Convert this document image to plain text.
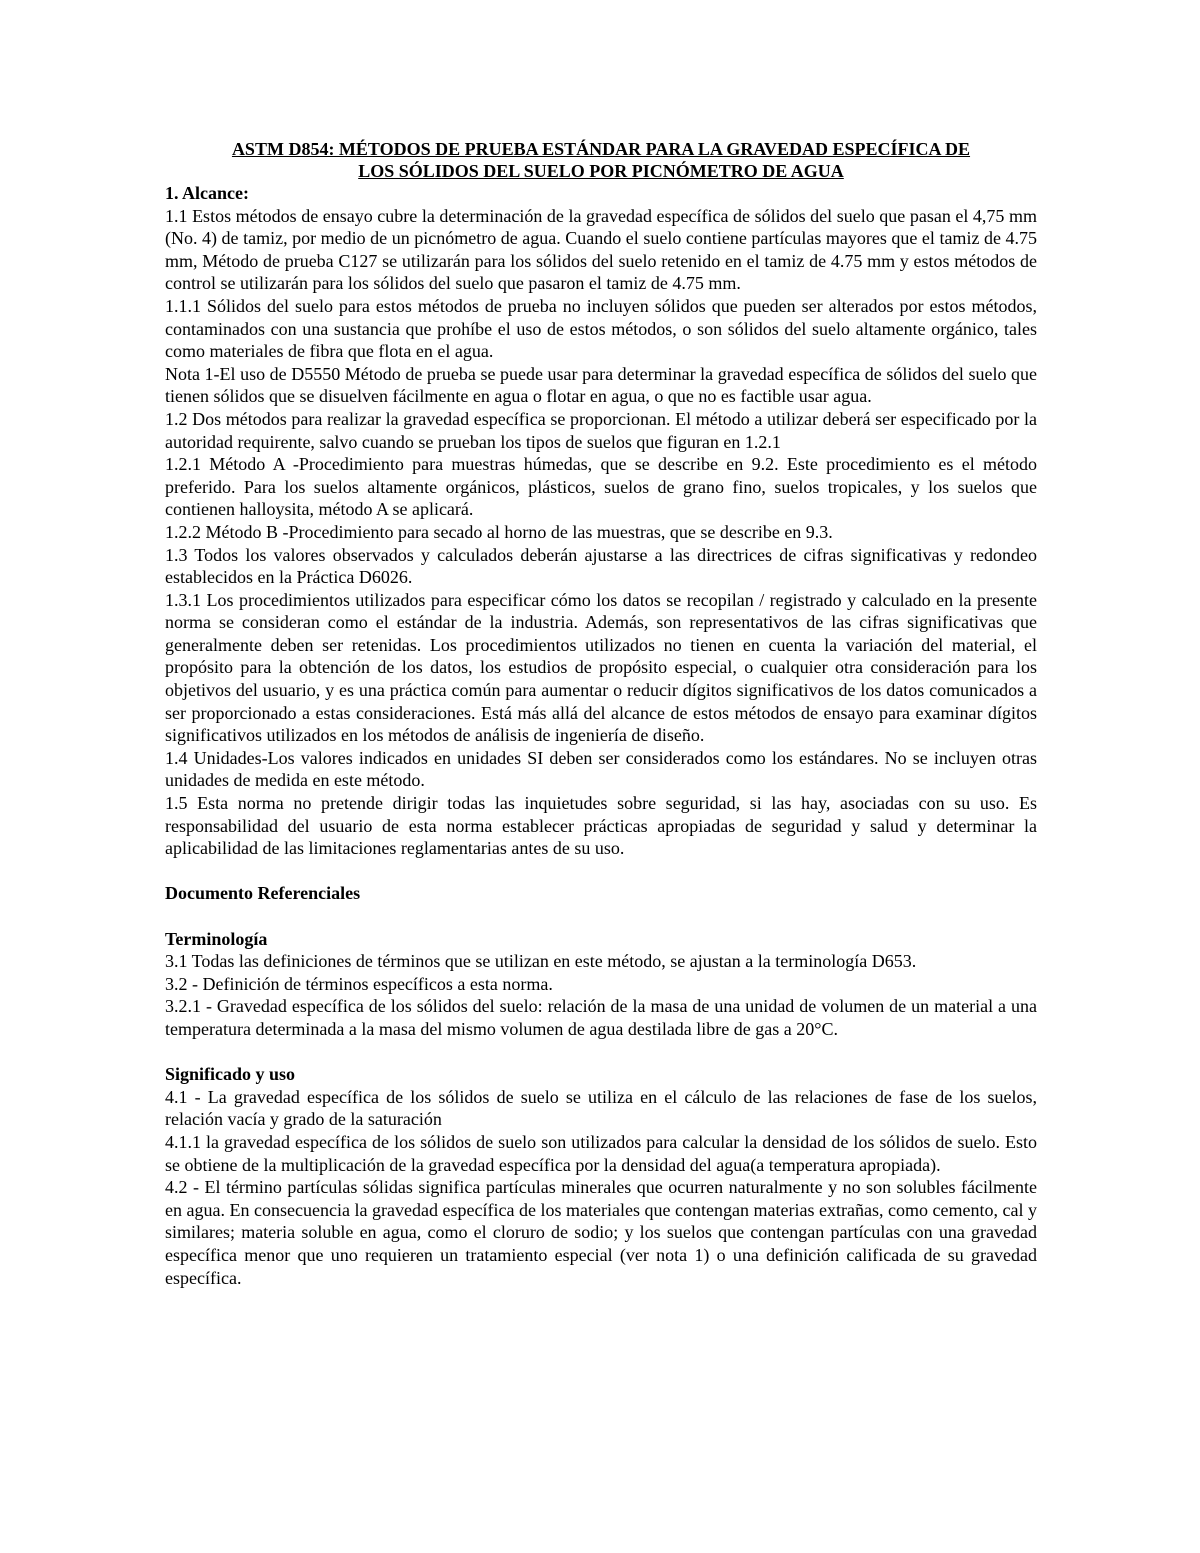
ASTM D854: MÉTODOS DE PRUEBA ESTÁNDAR PARA LA GRAVEDAD ESPECÍFICA DE

LOS SÓLIDOS DEL SUELO POR PICNÓMETRO DE AGUA

1. Alcance:

1.1 Estos métodos de ensayo cubre la determinación de la gravedad específica de sólidos del suelo que pasan el 4,75 mm (No. 4) de tamiz, por medio de un picnómetro de agua. Cuando el suelo contiene partículas mayores que el tamiz de 4.75 mm, Método de prueba C127 se utilizarán para los sólidos del suelo retenido en el tamiz de 4.75 mm y estos métodos de control se utilizarán para los sólidos del suelo que pasaron el tamiz de 4.75 mm.

1.1.1 Sólidos del suelo para estos métodos de prueba no incluyen sólidos que pueden ser alterados por estos métodos, contaminados con una sustancia que prohíbe el uso de estos métodos, o son sólidos del suelo altamente orgánico, tales como materiales de fibra que flota en el agua.

Nota 1-El uso de D5550 Método de prueba se puede usar para determinar la gravedad específica de sólidos del suelo que tienen sólidos que se disuelven fácilmente en agua o flotar en agua, o que no es factible usar agua.

1.2 Dos métodos para realizar la gravedad específica se proporcionan. El método a utilizar deberá ser especificado por la autoridad requirente, salvo cuando se prueban los tipos de suelos que figuran en 1.2.1

1.2.1 Método A -Procedimiento para muestras húmedas, que se describe en 9.2. Este procedimiento es el método preferido. Para los suelos altamente orgánicos, plásticos, suelos de grano fino, suelos tropicales, y los suelos que contienen halloysita, método A se aplicará.

1.2.2 Método B -Procedimiento para secado al horno de las muestras, que se describe en 9.3.

1.3 Todos los valores observados y calculados deberán ajustarse a las directrices de cifras significativas y redondeo establecidos en la Práctica D6026.

1.3.1 Los procedimientos utilizados para especificar cómo los datos se recopilan / registrado y calculado en la presente norma se consideran como el estándar de la industria. Además, son representativos de las cifras significativas que generalmente deben ser retenidas. Los procedimientos utilizados no tienen en cuenta la variación del material, el propósito para la obtención de los datos, los estudios de propósito especial, o cualquier otra consideración para los objetivos del usuario, y es una práctica común para aumentar o reducir dígitos significativos de los datos comunicados a ser proporcionado a estas consideraciones. Está más allá del alcance de estos métodos de ensayo para examinar dígitos significativos utilizados en los métodos de análisis de ingeniería de diseño.

1.4 Unidades-Los valores indicados en unidades SI deben ser considerados como los estándares. No se incluyen otras unidades de medida en este método.

1.5 Esta norma no pretende dirigir todas las inquietudes sobre seguridad, si las hay, asociadas con su uso. Es responsabilidad del usuario de esta norma establecer prácticas apropiadas de seguridad y salud y determinar la aplicabilidad de las limitaciones reglamentarias antes de su uso.

Documento Referenciales

Terminología

3.1 Todas las definiciones de términos que se utilizan en este método, se ajustan a la terminología D653.

3.2 - Definición de términos específicos a esta norma.

3.2.1 - Gravedad específica de los sólidos del suelo: relación de la masa de una unidad de volumen de un material a una temperatura determinada a la masa del mismo volumen de agua destilada libre de gas a 20°C.

Significado y uso

4.1 - La gravedad específica de los sólidos de suelo se utiliza en el cálculo de las relaciones de fase de los suelos, relación vacía y grado de la saturación

4.1.1 la gravedad específica de los sólidos de suelo son utilizados para calcular la densidad de los sólidos de suelo. Esto se obtiene de la multiplicación de la gravedad específica por la densidad del agua(a temperatura apropiada).

4.2 - El término partículas sólidas significa partículas minerales que ocurren naturalmente y no son solubles fácilmente en agua. En consecuencia la gravedad específica de los materiales que contengan materias extrañas, como cemento, cal y similares; materia soluble en agua, como el cloruro de sodio; y los suelos que contengan partículas con una gravedad específica menor que uno requieren un tratamiento especial (ver nota 1) o una definición calificada de su gravedad específica.
